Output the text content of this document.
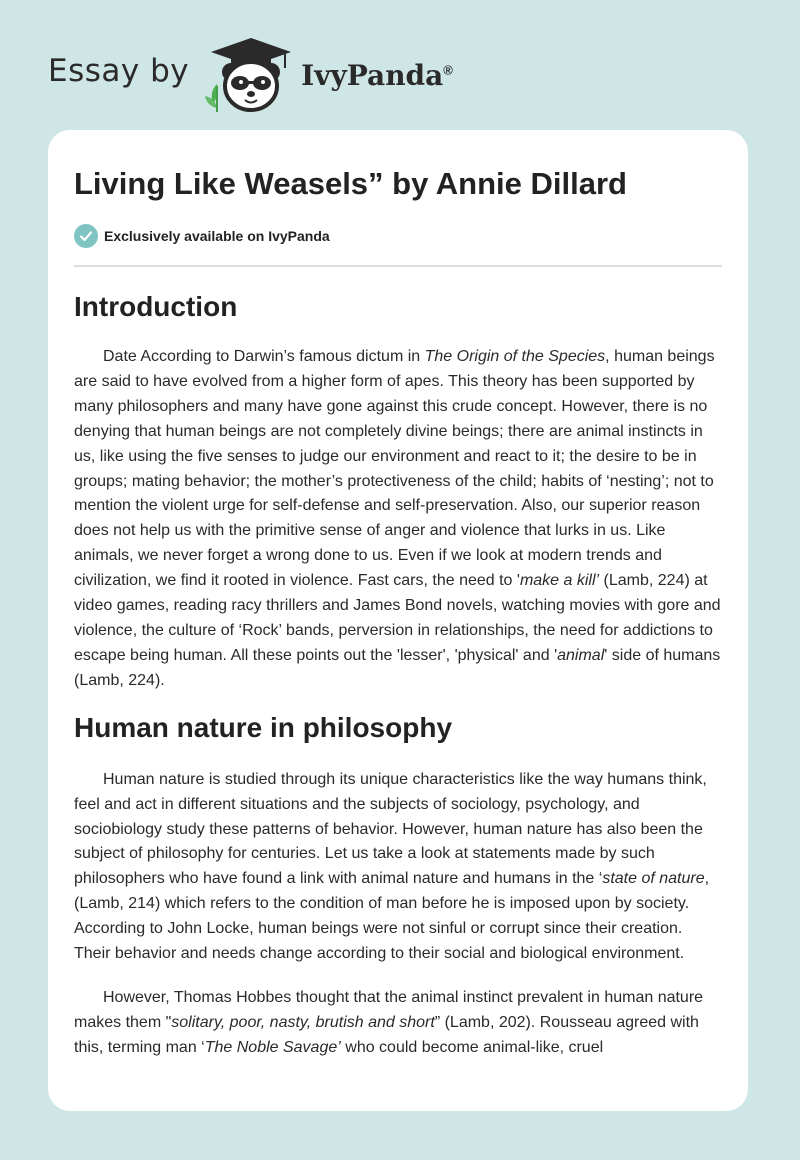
Essay by	IvyPanda®
Living Like Weasels” by Annie Dillard
Exclusively available on IvyPanda
Introduction

Date According to Darwin’s famous dictum in The Origin of the Species, human beings are said to have evolved from a higher form of apes. This theory has been supported by many philosophers and many have gone against this crude concept. However, there is no denying that human beings are not completely divine beings; there are animal instincts in us, like using the five senses to judge our environment and react to it; the desire to be in groups; mating behavior; the mother’s protectiveness of the child; habits of ‘nesting’; not to mention the violent urge for self-defense and self-preservation. Also, our superior reason does not help us with the primitive sense of anger and violence that lurks in us. Like animals, we never forget a wrong done to us. Even if we look at modern trends and civilization, we find it rooted in violence. Fast cars, the need to 'make a kill’ (Lamb, 224) at video games, reading racy thrillers and James Bond novels, watching movies with gore and violence, the culture of ‘Rock’ bands, perversion in relationships, the need for addictions to escape being human. All these points out the 'lesser', 'physical' and 'animal' side of humans (Lamb, 224).

Human nature in philosophy

Human nature is studied through its unique characteristics like the way humans think, feel and act in different situations and the subjects of sociology, psychology, and sociobiology study these patterns of behavior. However, human nature has also been the subject of philosophy for centuries. Let us take a look at statements made by such philosophers who have found a link with animal nature and humans in the ‘state of nature, (Lamb, 214) which refers to the condition of man before he is imposed upon by society. According to John Locke, human beings were not sinful or corrupt since their creation. Their behavior and needs change according to their social and biological environment.

However, Thomas Hobbes thought that the animal instinct prevalent in human nature makes them "solitary, poor, nasty, brutish and short” (Lamb, 202). Rousseau agreed with this, terming man ‘The Noble Savage’ who could become animal-like, cruel
